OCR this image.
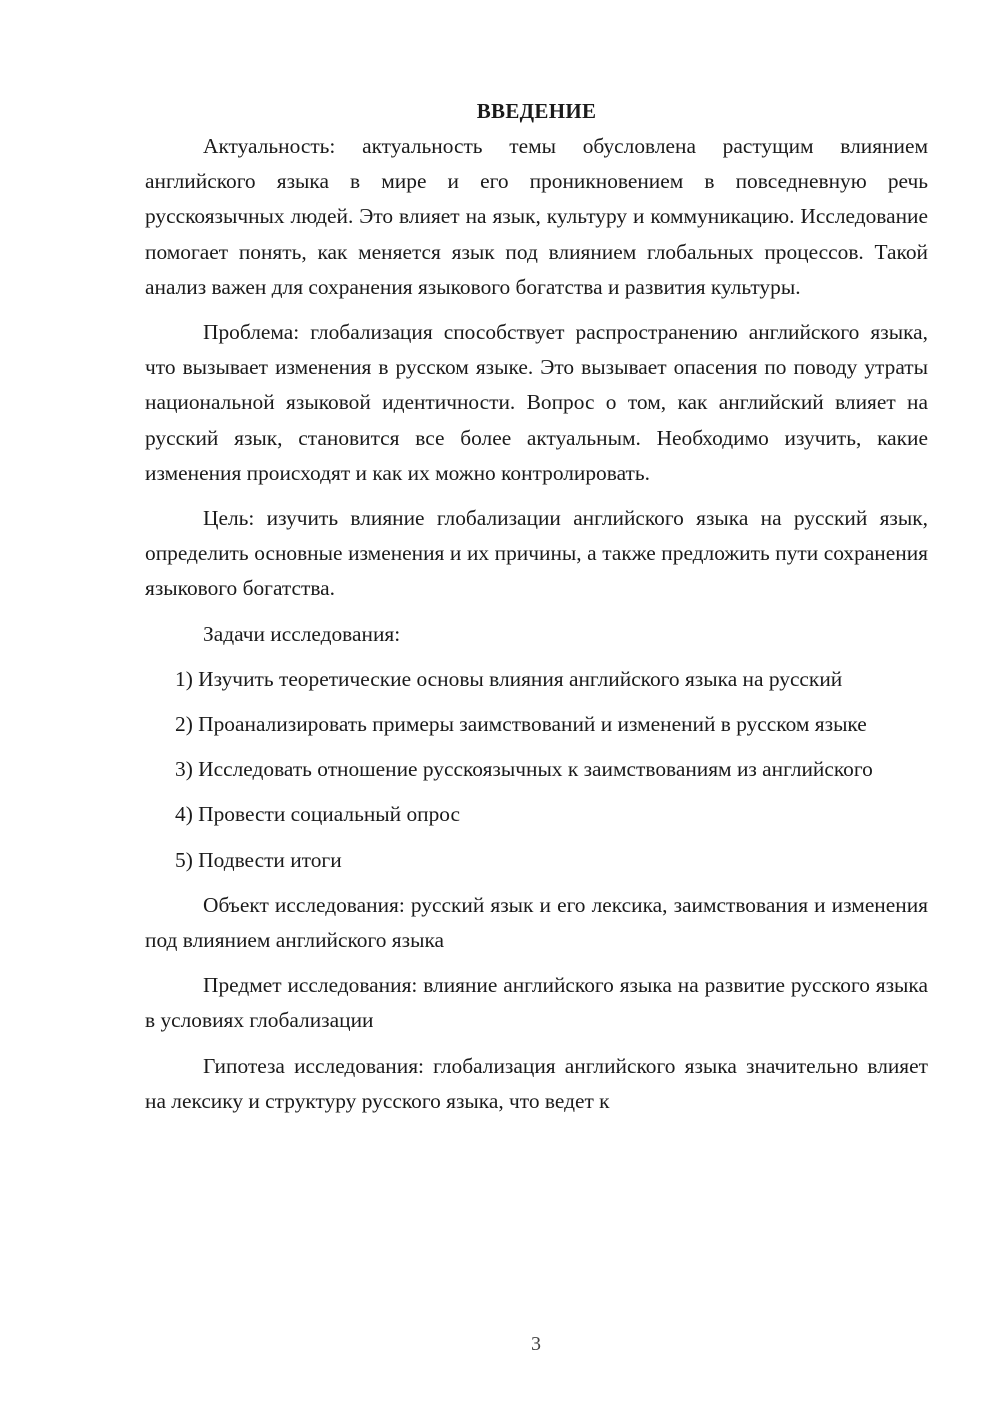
ВВЕДЕНИЕ

Актуальность: актуальность темы обусловлена растущим влиянием английского языка в мире и его проникновением в повседневную речь русскоязычных людей. Это влияет на язык, культуру и коммуникацию. Исследование помогает понять, как меняется язык под влиянием глобальных процессов. Такой анализ важен для сохранения языкового богатства и развития культуры.

Проблема: глобализация способствует распространению английского языка, что вызывает изменения в русском языке. Это вызывает опасения по поводу утраты национальной языковой идентичности. Вопрос о том, как английский влияет на русский язык, становится все более актуальным. Необходимо изучить, какие изменения происходят и как их можно контролировать.

Цель: изучить влияние глобализации английского языка на русский язык, определить основные изменения и их причины, а также предложить пути сохранения языкового богатства.

Задачи исследования:

1) Изучить теоретические основы влияния английского языка на русский

2) Проанализировать примеры заимствований и изменений в русском языке

3) Исследовать отношение русскоязычных к заимствованиям из английского

4) Провести социальный опрос

5) Подвести итоги

Объект исследования: русский язык и его лексика, заимствования и изменения под влиянием английского языка

Предмет исследования: влияние английского языка на развитие русского языка в условиях глобализации

Гипотеза исследования: глобализация английского языка значительно влияет на лексику и структуру русского языка, что ведет к

3
